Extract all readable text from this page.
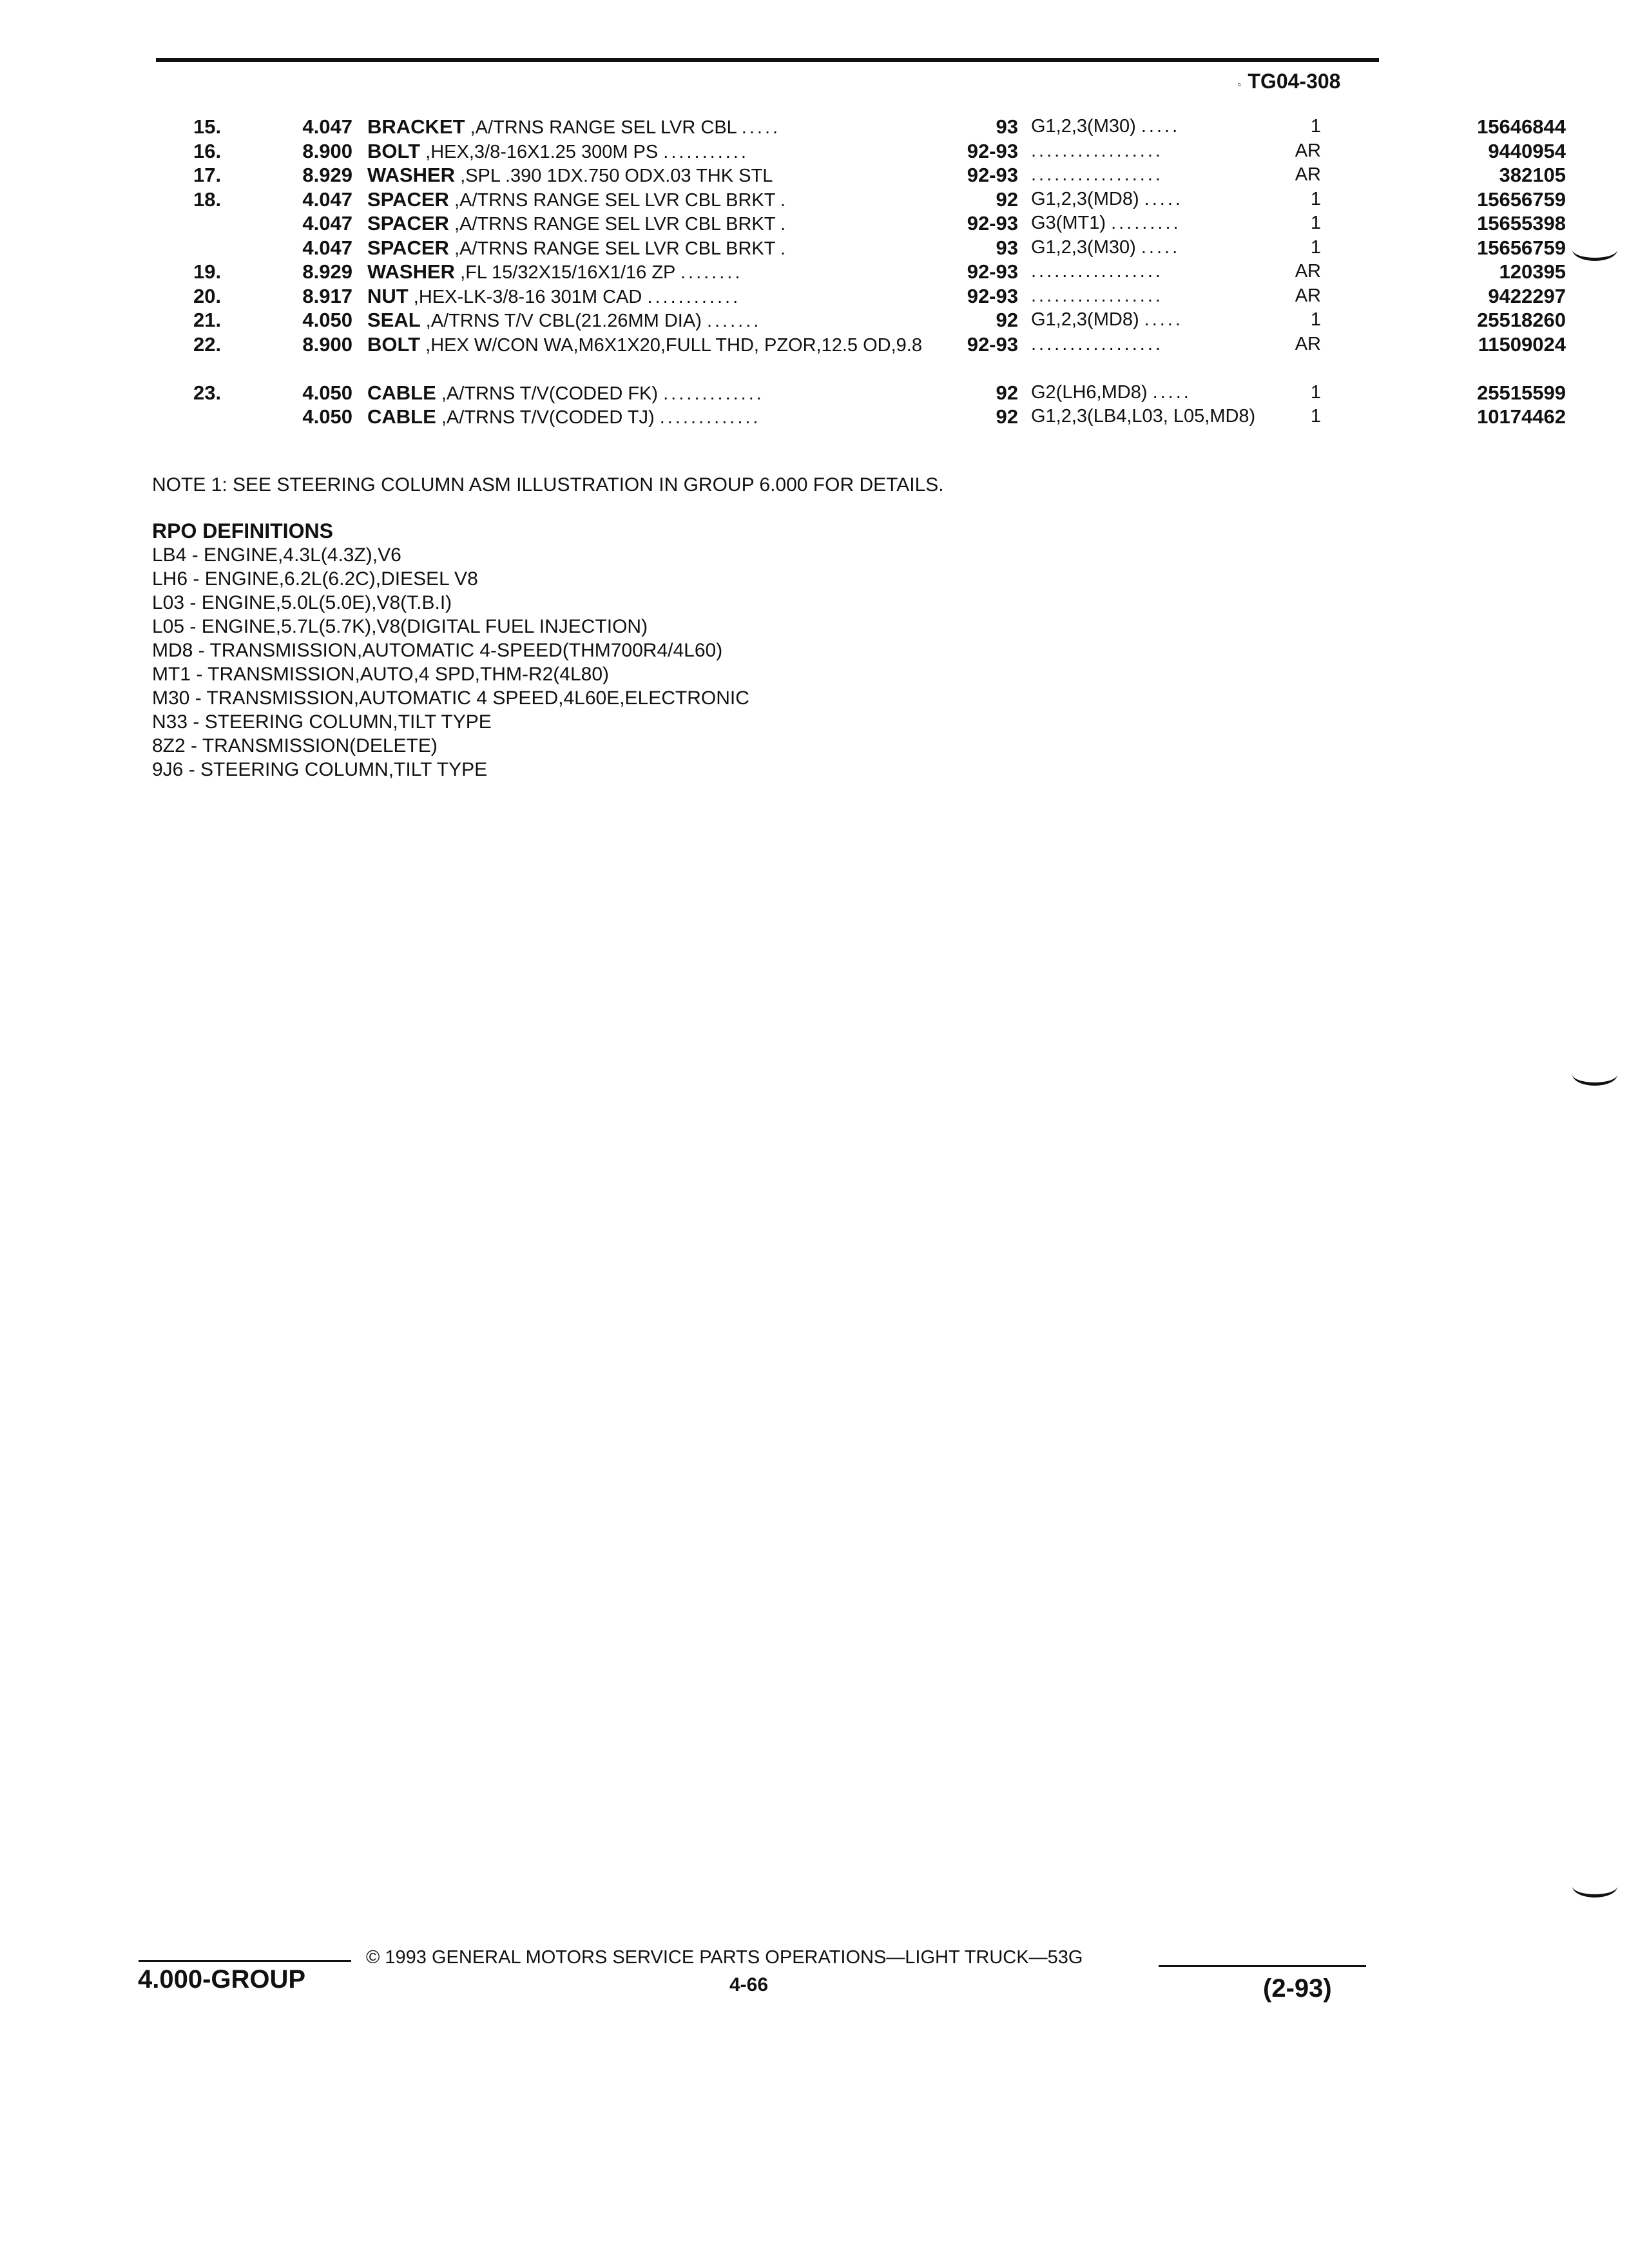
◦ TG04-308
15.	4.047 BRACKET ,A/TRNS RANGE SEL LVR CBL .....	93 G1,2,3(M30) .....	1	15646844
16.	8.900 BOLT ,HEX,3/8-16X1.25 300M PS ...........	92-93 .................	AR	9440954
17.	8.929 WASHER ,SPL .390 1DX.750 ODX.03 THK STL	92-93 .................	AR	382105
18.	4.047 SPACER ,A/TRNS RANGE SEL LVR CBL BRKT .	92 G1,2,3(MD8) .....	1	15656759
4.047 SPACER ,A/TRNS RANGE SEL LVR CBL BRKT .	92-93 G3(MT1) .........	1	15655398
4.047 SPACER ,A/TRNS RANGE SEL LVR CBL BRKT .	93 G1,2,3(M30) .....	1	15656759
19.	8.929 WASHER ,FL 15/32X15/16X1/16 ZP ........	92-93 .................	AR	120395
20.	8.917 NUT ,HEX-LK-3/8-16 301M CAD ............	92-93 .................	AR	9422297
21.	4.050 SEAL ,A/TRNS T/V CBL(21.26MM DIA) .......	92 G1,2,3(MD8) .....	1	25518260
22.	8.900 BOLT ,HEX W/CON WA,M6X1X20,FULL THD, PZOR,12.5 OD,9.8	92-93 .................	AR	11509024
23.	4.050 CABLE ,A/TRNS T/V(CODED FK) .............	92 G2(LH6,MD8) .....	1	25515599
4.050 CABLE ,A/TRNS T/V(CODED TJ) .............	92 G1,2,3(LB4,L03, L05,MD8)	1	10174462
NOTE 1: SEE STEERING COLUMN ASM ILLUSTRATION IN GROUP 6.000 FOR DETAILS.
RPO DEFINITIONS
LB4 - ENGINE,4.3L(4.3Z),V6
LH6 - ENGINE,6.2L(6.2C),DIESEL V8
L03 - ENGINE,5.0L(5.0E),V8(T.B.I)
L05 - ENGINE,5.7L(5.7K),V8(DIGITAL FUEL INJECTION)
MD8 - TRANSMISSION,AUTOMATIC 4-SPEED(THM700R4/4L60)
MT1 - TRANSMISSION,AUTO,4 SPD,THM-R2(4L80)
M30 - TRANSMISSION,AUTOMATIC 4 SPEED,4L60E,ELECTRONIC
N33 - STEERING COLUMN,TILT TYPE
8Z2 - TRANSMISSION(DELETE)
9J6 - STEERING COLUMN,TILT TYPE
© 1993 GENERAL MOTORS SERVICE PARTS OPERATIONS—LIGHT TRUCK—53G
4.000-GROUP	4-66	(2-93)
